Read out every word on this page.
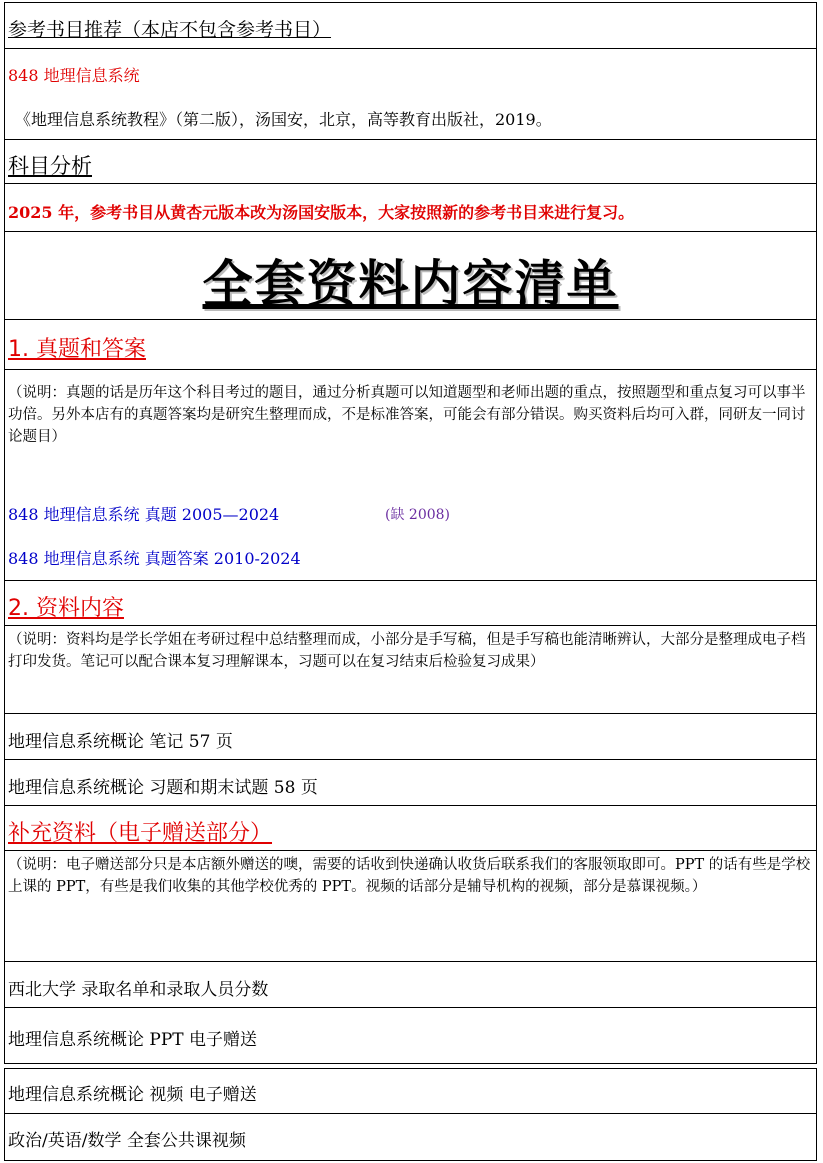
参考书目推荐（本店不包含参考书目）
848 地理信息系统
《地理信息系统教程》（第二版），汤国安，北京，高等教育出版社，2019。
科目分析
2025 年，参考书目从黄杏元版本改为汤国安版本，大家按照新的参考书目来进行复习。
全套资料内容清单
1. 真题和答案
（说明：真题的话是历年这个科目考过的题目，通过分析真题可以知道题型和老师出题的重点，按照题型和重点复习可以事半功倍。另外本店有的真题答案均是研究生整理而成，不是标准答案，可能会有部分错误。购买资料后均可入群，同研友一同讨论题目）
848 地理信息系统 真题 2005—2024	(缺 2008)
848 地理信息系统 真题答案 2010-2024
2. 资料内容
（说明：资料均是学长学姐在考研过程中总结整理而成，小部分是手写稿，但是手写稿也能清晰辨认，大部分是整理成电子档打印发货。笔记可以配合课本复习理解课本，习题可以在复习结束后检验复习成果）
地理信息系统概论 笔记 57 页
地理信息系统概论 习题和期末试题 58 页
补充资料（电子赠送部分）
（说明：电子赠送部分只是本店额外赠送的噢，需要的话收到快递确认收货后联系我们的客服领取即可。PPT 的话有些是学校上课的 PPT，有些是我们收集的其他学校优秀的 PPT。视频的话部分是辅导机构的视频，部分是慕课视频。）
西北大学 录取名单和录取人员分数
地理信息系统概论 PPT 电子赠送
地理信息系统概论 视频 电子赠送
政治/英语/数学 全套公共课视频
